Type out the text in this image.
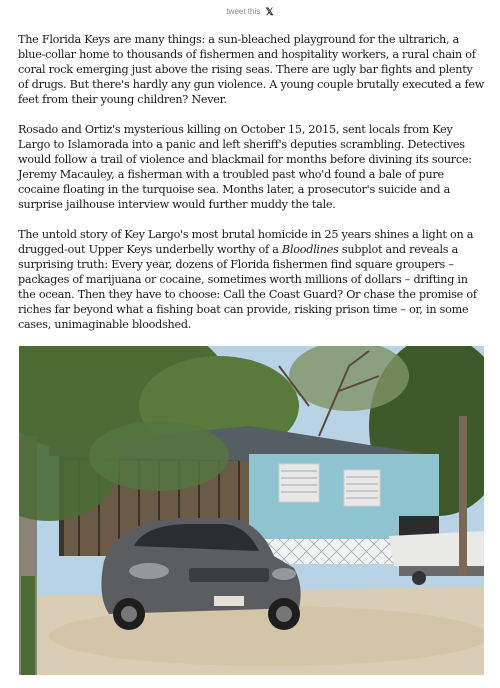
tweet this 𝕏

The Florida Keys are many things: a sun-bleached playground for the ultrarich, a blue-collar home to thousands of fishermen and hospitality workers, a rural chain of coral rock emerging just above the rising seas. There are ugly bar fights and plenty of drugs. But there's hardly any gun violence. A young couple brutally executed a few feet from their young children? Never.

Rosado and Ortiz's mysterious killing on October 15, 2015, sent locals from Key Largo to Islamorada into a panic and left sheriff's deputies scrambling. Detectives would follow a trail of violence and blackmail for months before divining its source: Jeremy Macauley, a fisherman with a troubled past who'd found a bale of pure cocaine floating in the turquoise sea. Months later, a prosecutor's suicide and a surprise jailhouse interview would further muddy the tale.

The untold story of Key Largo's most brutal homicide in 25 years shines a light on a drugged-out Upper Keys underbelly worthy of a Bloodlines subplot and reveals a surprising truth: Every year, dozens of Florida fishermen find square groupers – packages of marijuana or cocaine, sometimes worth millions of dollars – drifting in the ocean. Then they have to choose: Call the Coast Guard? Or chase the promise of riches far beyond what a fishing boat can provide, risking prison time – or, in some cases, unimaginable bloodshed.
